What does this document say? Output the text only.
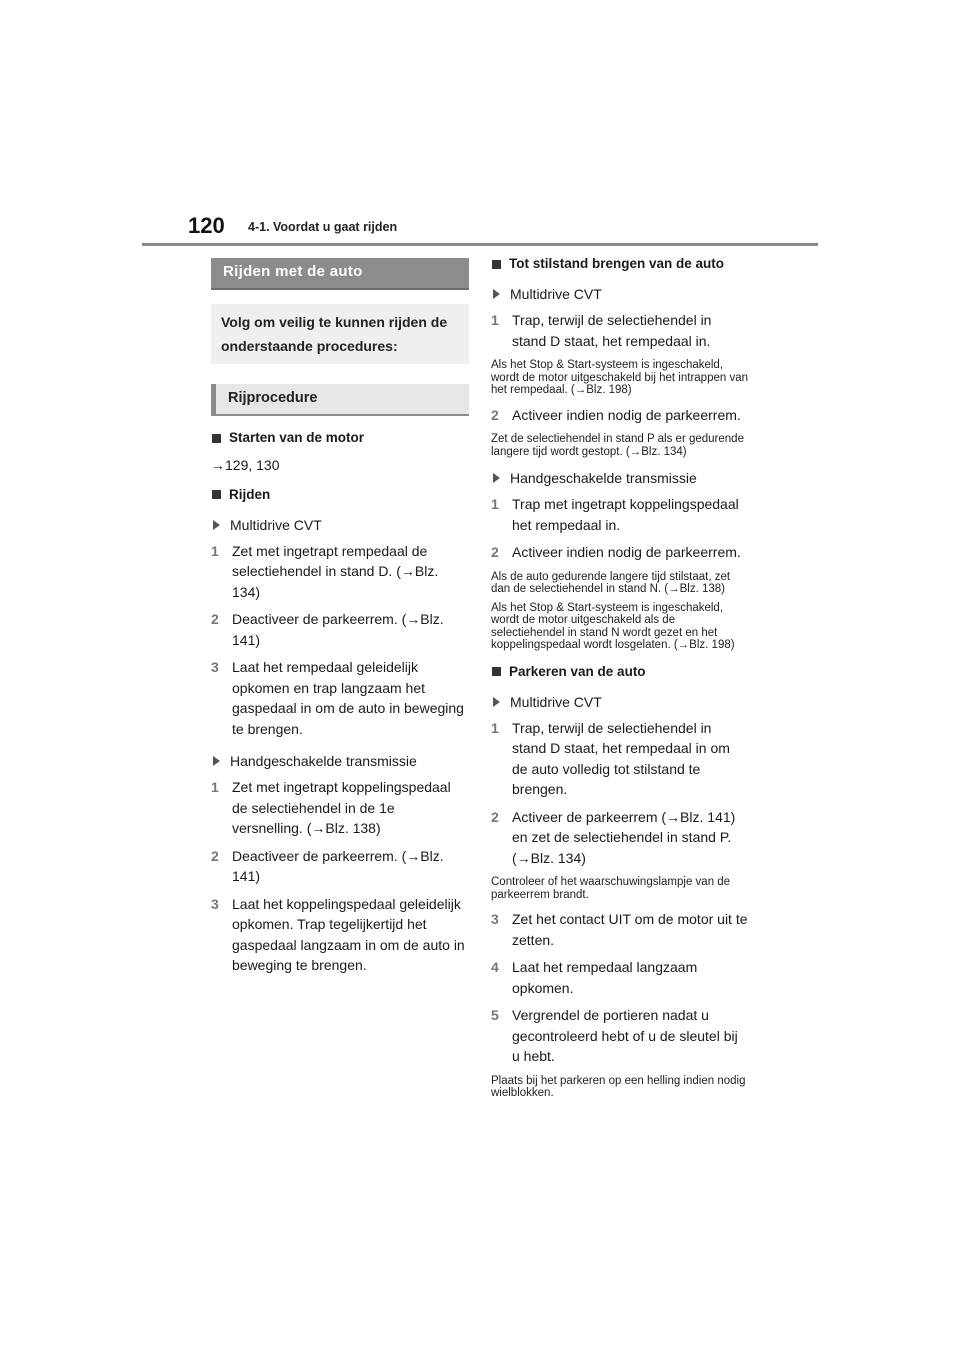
120 4-1. Voordat u gaat rijden
Rijden met de auto
Volg om veilig te kunnen rijden de onderstaande procedures:
Rijprocedure
Starten van de motor
→129, 130
Rijden
Multidrive CVT
1 Zet met ingetrapt rempedaal de selectiehendel in stand D. (→Blz. 134)
2 Deactiveer de parkeerrem. (→Blz. 141)
3 Laat het rempedaal geleidelijk opkomen en trap langzaam het gaspedaal in om de auto in beweging te brengen.
Handgeschakelde transmissie
1 Zet met ingetrapt koppelingspedaal de selectiehendel in de 1e versnelling. (→Blz. 138)
2 Deactiveer de parkeerrem. (→Blz. 141)
3 Laat het koppelingspedaal geleidelijk opkomen. Trap tegelijkertijd het gaspedaal langzaam in om de auto in beweging te brengen.
Tot stilstand brengen van de auto
Multidrive CVT
1 Trap, terwijl de selectiehendel in stand D staat, het rempedaal in.
Als het Stop & Start-systeem is ingeschakeld, wordt de motor uitgeschakeld bij het intrappen van het rempedaal. (→Blz. 198)
2 Activeer indien nodig de parkeerrem.
Zet de selectiehendel in stand P als er gedurende langere tijd wordt gestopt. (→Blz. 134)
Handgeschakelde transmissie
1 Trap met ingetrapt koppelingspedaal het rempedaal in.
2 Activeer indien nodig de parkeerrem.
Als de auto gedurende langere tijd stilstaat, zet dan de selectiehendel in stand N. (→Blz. 138)
Als het Stop & Start-systeem is ingeschakeld, wordt de motor uitgeschakeld als de selectiehendel in stand N wordt gezet en het koppelingspedaal wordt losgelaten. (→Blz. 198)
Parkeren van de auto
Multidrive CVT
1 Trap, terwijl de selectiehendel in stand D staat, het rempedaal in om de auto volledig tot stilstand te brengen.
2 Activeer de parkeerrem (→Blz. 141) en zet de selectiehendel in stand P. (→Blz. 134)
Controleer of het waarschuwingslampje van de parkeerrem brandt.
3 Zet het contact UIT om de motor uit te zetten.
4 Laat het rempedaal langzaam opkomen.
5 Vergrendel de portieren nadat u gecontroleerd hebt of u de sleutel bij u hebt.
Plaats bij het parkeren op een helling indien nodig wielblokken.
